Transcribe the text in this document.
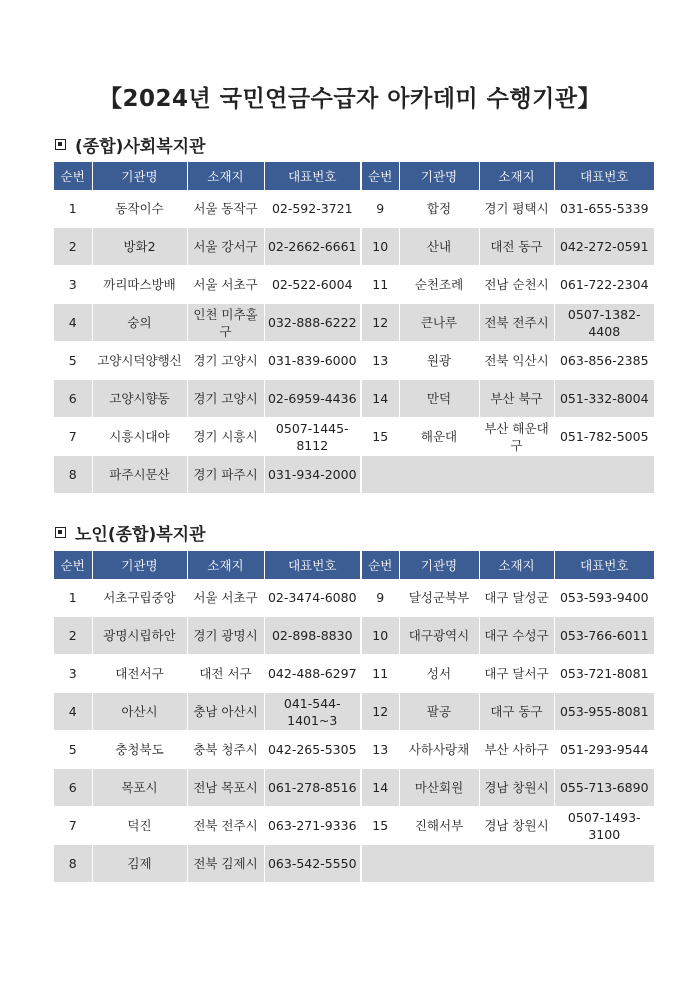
【2024년 국민연금수급자 아카데미 수행기관】
(종합)사회복지관
순번	기관명	소재지	대표번호	순번	기관명	소재지	대표번호
1	동작이수	서울 동작구	02-592-3721	9	합정	경기 평택시	031-655-5339
2	방화2	서울 강서구	02-2662-6661	10	산내	대전 동구	042-272-0591
3	까리따스방배	서울 서초구	02-522-6004	11	순천조례	전남 순천시	061-722-2304
4	숭의	인천 미추홀구	032-888-6222	12	큰나루	전북 전주시	0507-1382-4408
5	고양시덕양행신	경기 고양시	031-839-6000	13	원광	전북 익산시	063-856-2385
6	고양시향동	경기 고양시	02-6959-4436	14	만덕	부산 북구	051-332-8004
7	시흥시대야	경기 시흥시	0507-1445-8112	15	해운대	부산 해운대구	051-782-5005
8	파주시문산	경기 파주시	031-934-2000				
노인(종합)복지관
순번	기관명	소재지	대표번호	순번	기관명	소재지	대표번호
1	서초구립중앙	서울 서초구	02-3474-6080	9	달성군북부	대구 달성군	053-593-9400
2	광명시립하안	경기 광명시	02-898-8830	10	대구광역시	대구 수성구	053-766-6011
3	대전서구	대전 서구	042-488-6297	11	성서	대구 달서구	053-721-8081
4	아산시	충남 아산시	041-544-1401~3	12	팔공	대구 동구	053-955-8081
5	충청북도	충북 청주시	042-265-5305	13	사하사랑채	부산 사하구	051-293-9544
6	목포시	전남 목포시	061-278-8516	14	마산회원	경남 창원시	055-713-6890
7	덕진	전북 전주시	063-271-9336	15	진해서부	경남 창원시	0507-1493-3100
8	김제	전북 김제시	063-542-5550				
